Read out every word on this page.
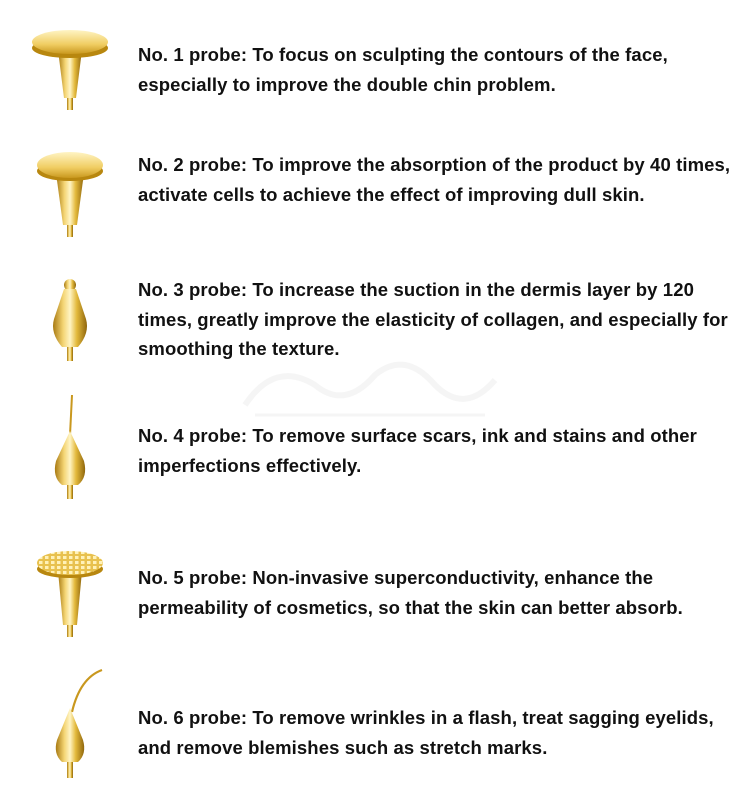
No. 1 probe: To focus on sculpting the contours of the face, especially to improve the double chin problem.
No. 2 probe: To improve the absorption of the product by 40 times, activate cells to achieve the effect of improving dull skin.
No. 3 probe: To increase the suction in the dermis layer by 120 times, greatly improve the elasticity of collagen, and especially for smoothing the texture.
No. 4 probe: To remove surface scars, ink and stains and other imperfections effectively.
No. 5 probe: Non-invasive superconductivity, enhance the permeability of cosmetics, so that the skin can better absorb.
No. 6 probe: To remove wrinkles in a flash, treat sagging eyelids, and remove blemishes such as stretch marks.
